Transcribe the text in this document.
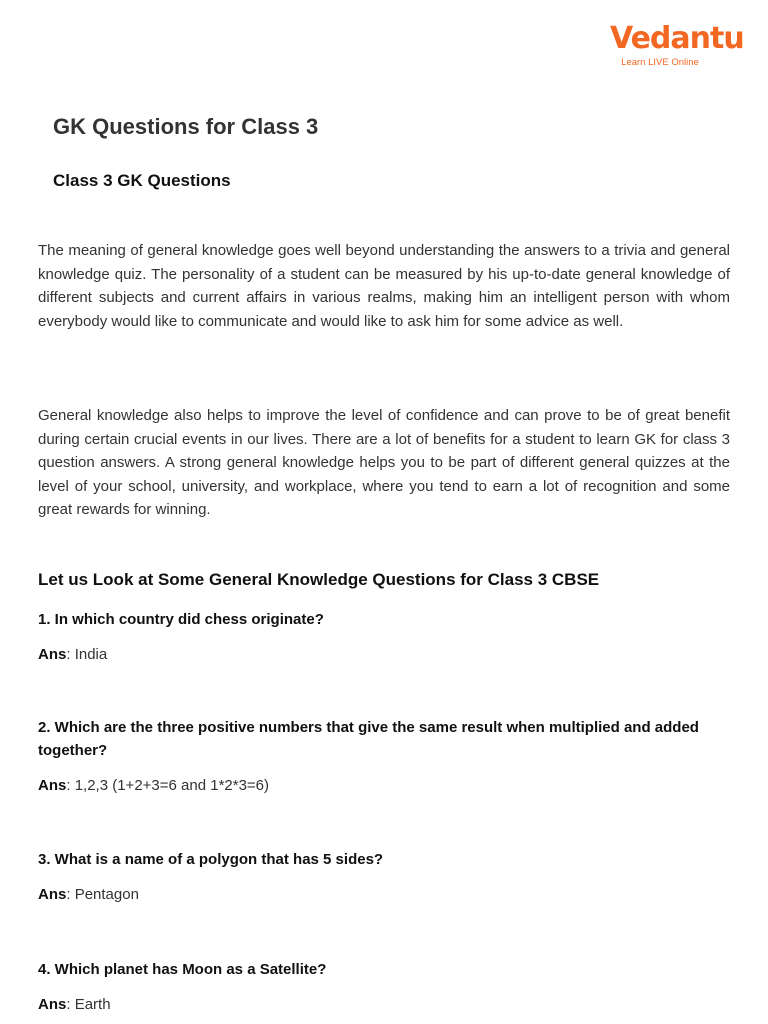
Vedantu
Learn LIVE Online
GK Questions for Class 3
Class 3 GK Questions

The meaning of general knowledge goes well beyond understanding the answers to a trivia and general knowledge quiz. The personality of a student can be measured by his up-to-date general knowledge of different subjects and current affairs in various realms, making him an intelligent person with whom everybody would like to communicate and would like to ask him for some advice as well.

General knowledge also helps to improve the level of confidence and can prove to be of great benefit during certain crucial events in our lives. There are a lot of benefits for a student to learn GK for class 3 question answers. A strong general knowledge helps you to be part of different general quizzes at the level of your school, university, and workplace, where you tend to earn a lot of recognition and some great rewards for winning.

Let us Look at Some General Knowledge Questions for Class 3 CBSE

1. In which country did chess originate?

Ans: India

2. Which are the three positive numbers that give the same result when multiplied and added together?

Ans: 1,2,3 (1+2+3=6 and 1*2*3=6)

3. What is a name of a polygon that has 5 sides?

Ans: Pentagon

4. Which planet has Moon as a Satellite?

Ans: Earth
